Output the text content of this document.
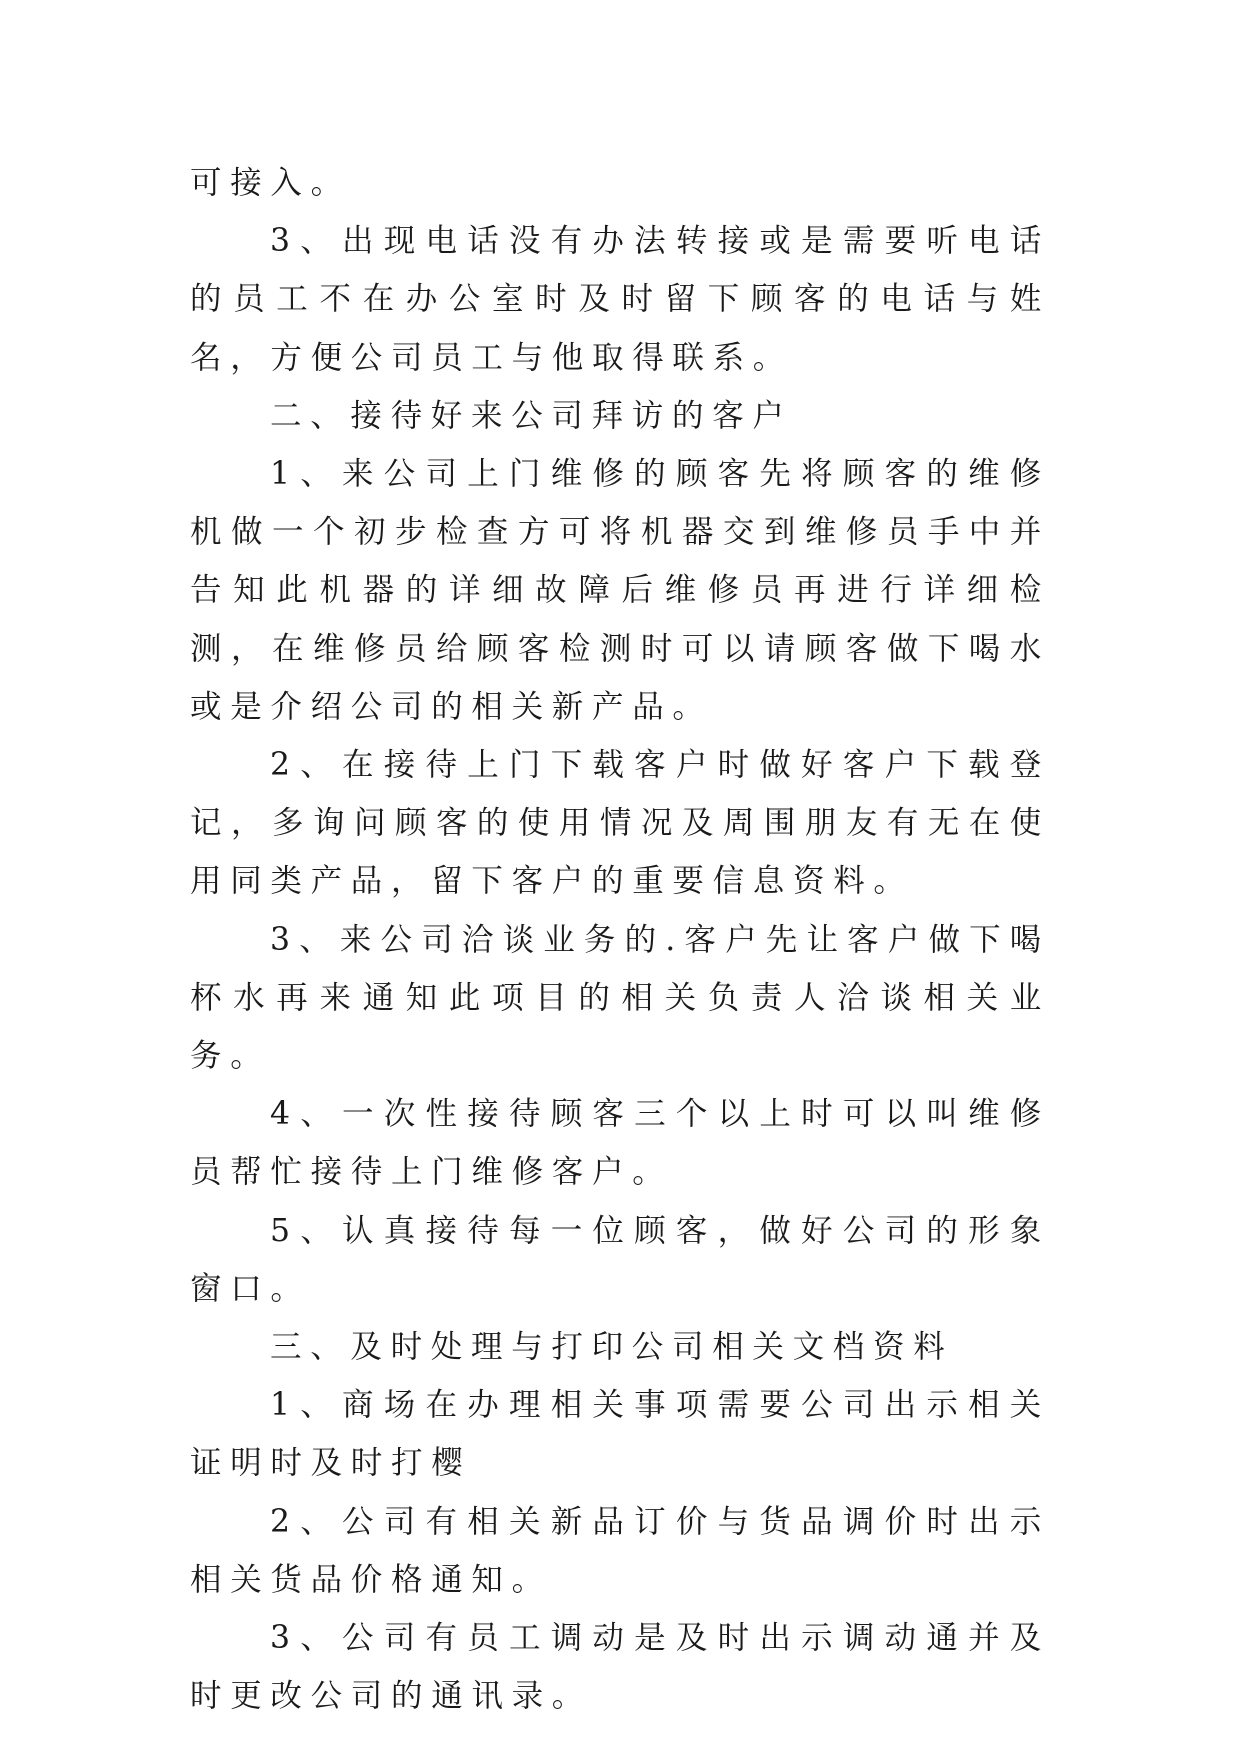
可接入。

3、出现电话没有办法转接或是需要听电话的员工不在办公室时及时留下顾客的电话与姓名，方便公司员工与他取得联系。

二、接待好来公司拜访的客户

1、来公司上门维修的顾客先将顾客的维修机做一个初步检查方可将机器交到维修员手中并告知此机器的详细故障后维修员再进行详细检测，在维修员给顾客检测时可以请顾客做下喝水或是介绍公司的相关新产品。

2、在接待上门下载客户时做好客户下载登记，多询问顾客的使用情况及周围朋友有无在使用同类产品，留下客户的重要信息资料。

3、来公司洽谈业务的.客户先让客户做下喝杯水再来通知此项目的相关负责人洽谈相关业务。

4、一次性接待顾客三个以上时可以叫维修员帮忙接待上门维修客户。

5、认真接待每一位顾客，做好公司的形象窗口。

三、及时处理与打印公司相关文档资料

1、商场在办理相关事项需要公司出示相关证明时及时打樱

2、公司有相关新品订价与货品调价时出示相关货品价格通知。

3、公司有员工调动是及时出示调动通并及时更改公司的通讯录。
